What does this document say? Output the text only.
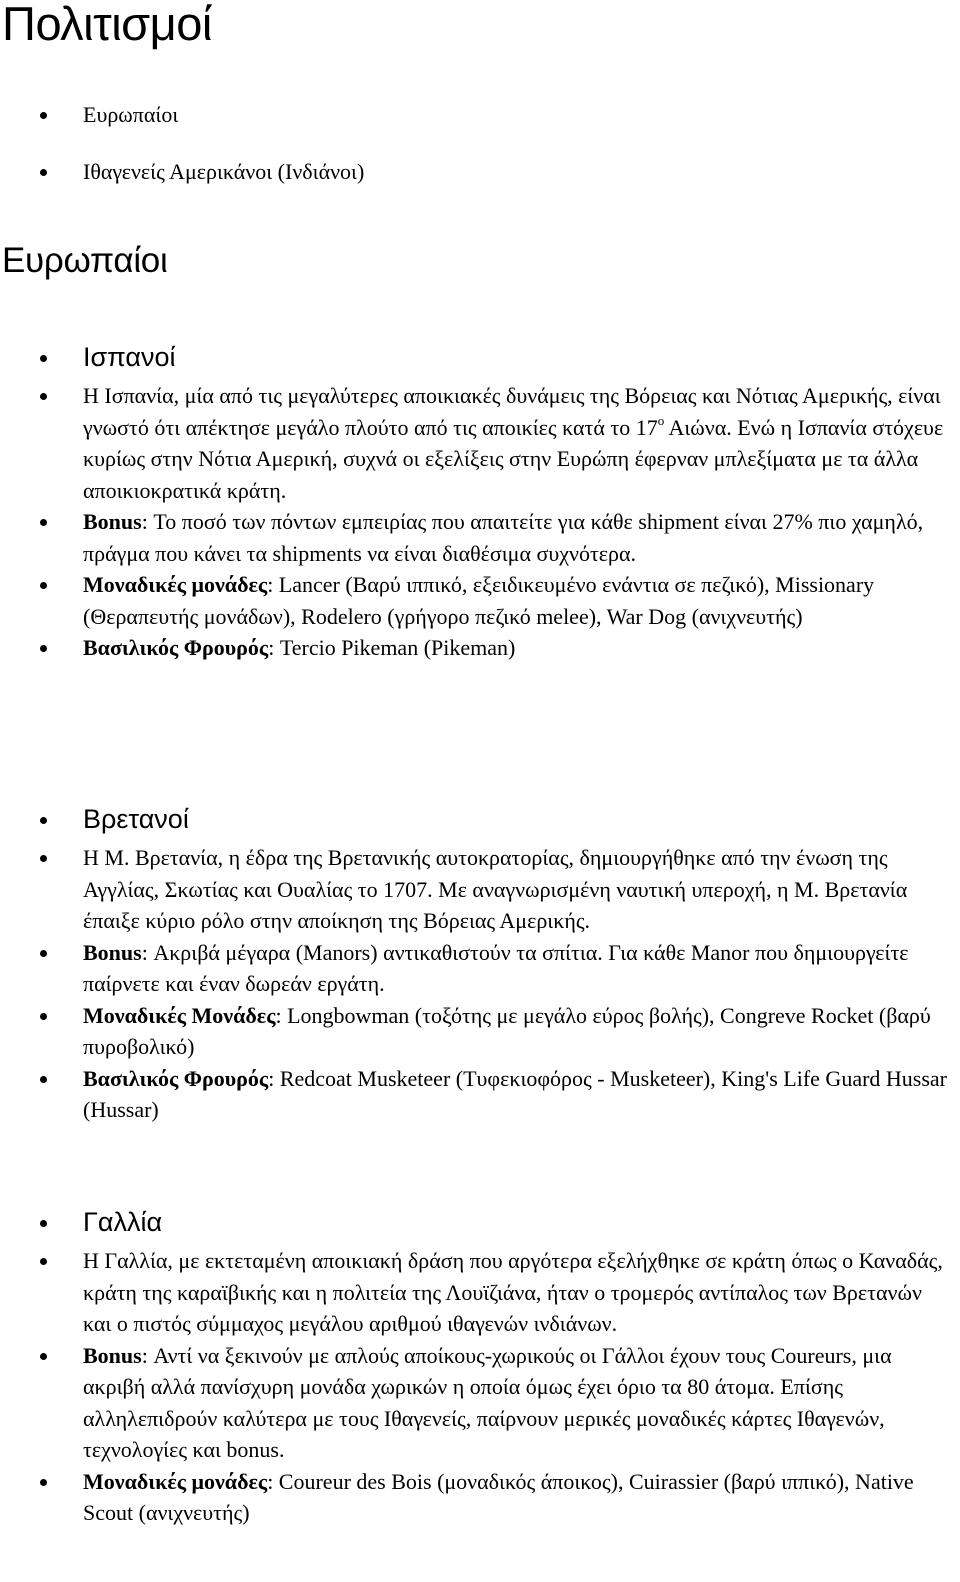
Πολιτισμοί
Ευρωπαίοι
Ιθαγενείς Αμερικάνοι (Ινδιάνοι)
Ευρωπαίοι
Ισπανοί
Η Ισπανία, μία από τις μεγαλύτερες αποικιακές δυνάμεις της Βόρειας και Νότιας Αμερικής, είναι γνωστό ότι απέκτησε μεγάλο πλούτο από τις αποικίες κατά το $17^o$ Αιώνα. Ενώ η Ισπανία στόχευε κυρίως στην Νότια Αμερική, συχνά οι εξελίξεις στην Ευρώπη έφερναν μπλεξίματα με τα άλλα αποικιοκρατικά κράτη.
Bonus: Το ποσό των πόντων εμπειρίας που απαιτείτε για κάθε shipment είναι 27% πιο χαμηλό, πράγμα που κάνει τα shipments να είναι διαθέσιμα συχνότερα.
Μοναδικές μονάδες: Lancer (Βαρύ ιππικό, εξειδικευμένο ενάντια σε πεζικό), Missionary (Θεραπευτής μονάδων), Rodelero (γρήγορο πεζικό melee), War Dog (ανιχνευτής)
Βασιλικός Φρουρός: Tercio Pikeman (Pikeman)
Βρετανοί
Η Μ. Βρετανία, η έδρα της Βρετανικής αυτοκρατορίας, δημιουργήθηκε από την ένωση της Αγγλίας, Σκωτίας και Ουαλίας το 1707. Με αναγνωρισμένη ναυτική υπεροχή, η Μ. Βρετανία έπαιξε κύριο ρόλο στην αποίκηση της Βόρειας Αμερικής.
Bonus: Ακριβά μέγαρα (Manors) αντικαθιστούν τα σπίτια. Για κάθε Manor που δημιουργείτε παίρνετε και έναν δωρεάν εργάτη.
Μοναδικές Μονάδες: Longbowman (τοξότης με μεγάλο εύρος βολής), Congreve Rocket (βαρύ πυροβολικό)
Βασιλικός Φρουρός: Redcoat Musketeer (Τυφεκιοφόρος - Musketeer), King's Life Guard Hussar (Hussar)
Γαλλία
Η Γαλλία, με εκτεταμένη αποικιακή δράση που αργότερα εξελήχθηκε σε κράτη όπως ο Καναδάς, κράτη της καραϊβικής και η πολιτεία της Λουϊζιάνα, ήταν ο τρομερός αντίπαλος των Βρετανών και ο πιστός σύμμαχος μεγάλου αριθμού ιθαγενών ινδιάνων.
Bonus: Αντί να ξεκινούν με απλούς αποίκους-χωρικούς οι Γάλλοι έχουν τους Coureurs, μια ακριβή αλλά πανίσχυρη μονάδα χωρικών η οποία όμως έχει όριο τα 80 άτομα. Επίσης αλληλεπιδρούν καλύτερα με τους Ιθαγενείς, παίρνουν μερικές μοναδικές κάρτες Ιθαγενών, τεχνολογίες και bonus.
Μοναδικές μονάδες: Coureur des Bois (μοναδικός άποικος), Cuirassier (βαρύ ιππικό), Native Scout (ανιχνευτής)
